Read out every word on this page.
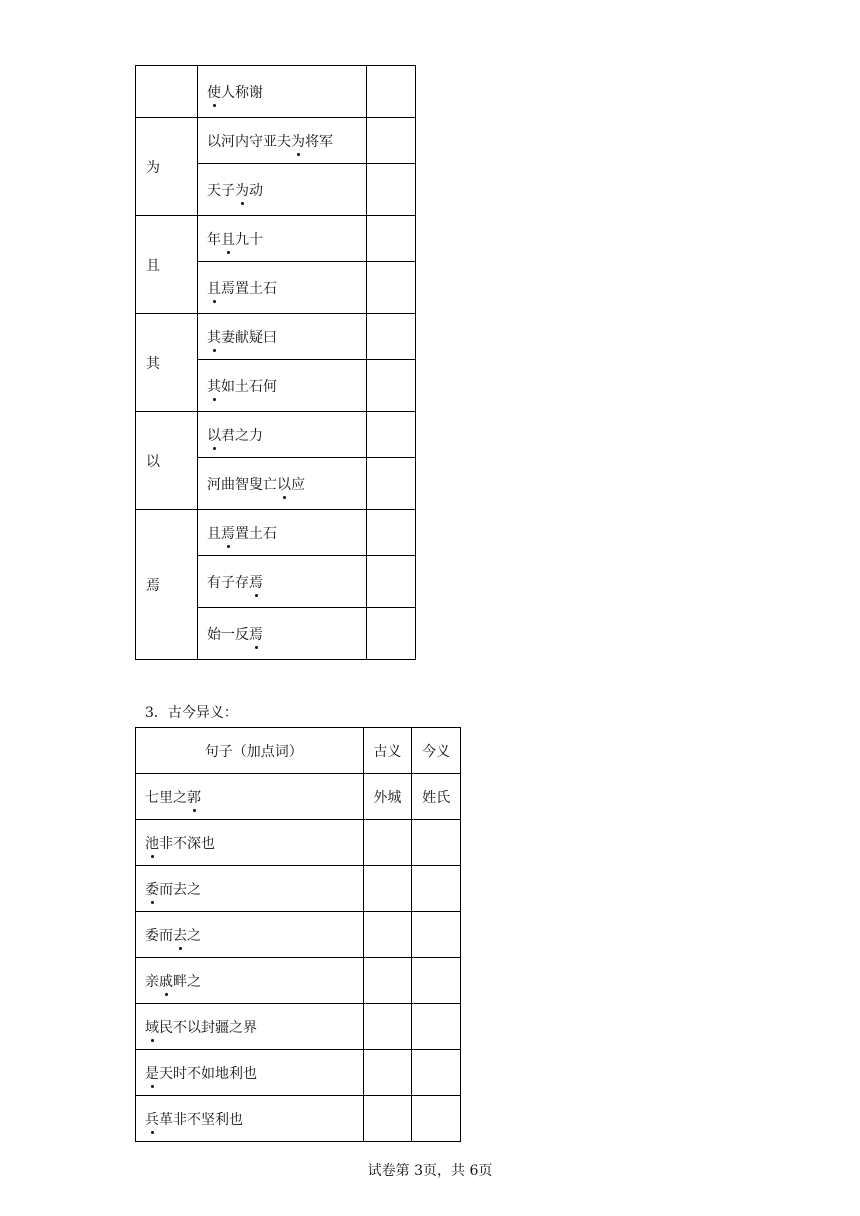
	使人称谢	
为	以河内守亚夫为将军	
	天子为动	
且	年且九十	
	且焉置土石	
其	其妻献疑曰	
	其如土石何	
以	以君之力	
	河曲智叟亡以应	
焉	且焉置土石	
	有子存焉	
	始一反焉	
3．古今异义：
句子（加点词）	古义	今义
七里之郭	外城	姓氏
池非不深也		
委而去之		
委而去之		
亲戚畔之		
域民不以封疆之界		
是天时不如地利也		
兵革非不坚利也		
试卷第 3页，共 6页
